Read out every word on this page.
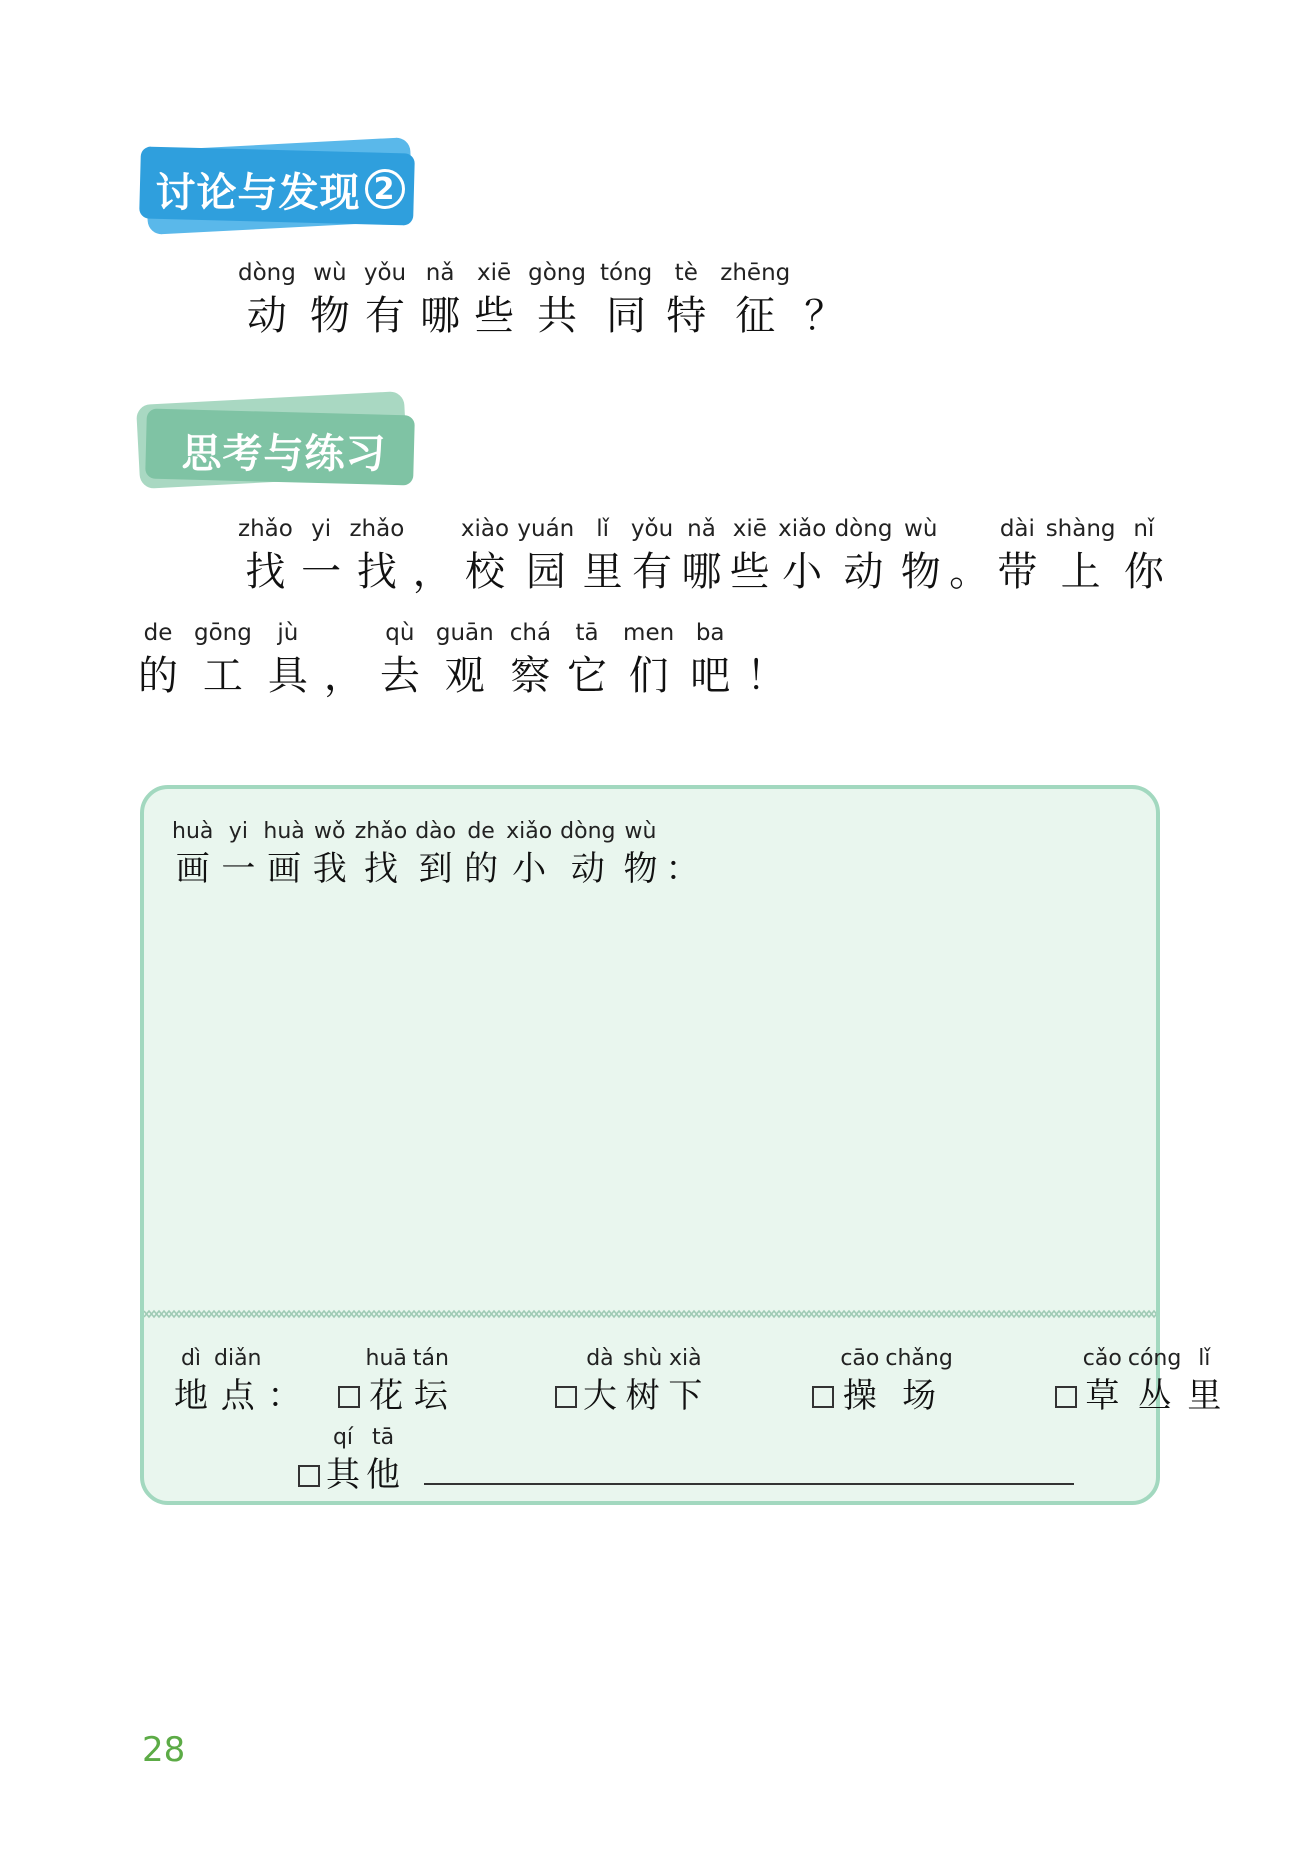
讨论与发现 2
dòng
动
wù
物
yǒu
有
nǎ
哪
xiē
些
gòng
共
tóng
同
tè
特
zhēng
征 ？
思考与练习
zhǎo
找
yi
一
zhǎo
找 ，
xiào
校
yuán
园
lǐ
里
yǒu
有
nǎ
哪
xiē
些
xiǎo
小
dòng
动
wù
物 。
dài
带
shàng
上
nǐ
你
de
的
gōng
工
jù
具 ，
qù
去
guān
观
chá
察
tā
它
men
们
ba
吧 ！
huà
画
yi
一
huà
画
wǒ
我
zhǎo
找
dào
到
de
的
xiǎo
小
dòng
动
wù
物 ：
dì
地
diǎn
点 ：
huā
花
tán
坛
dà
大
shù
树
xià
下
cāo
操
chǎng
场
cǎo
草
cóng
丛
lǐ
里
qí
其
tā
他
28
